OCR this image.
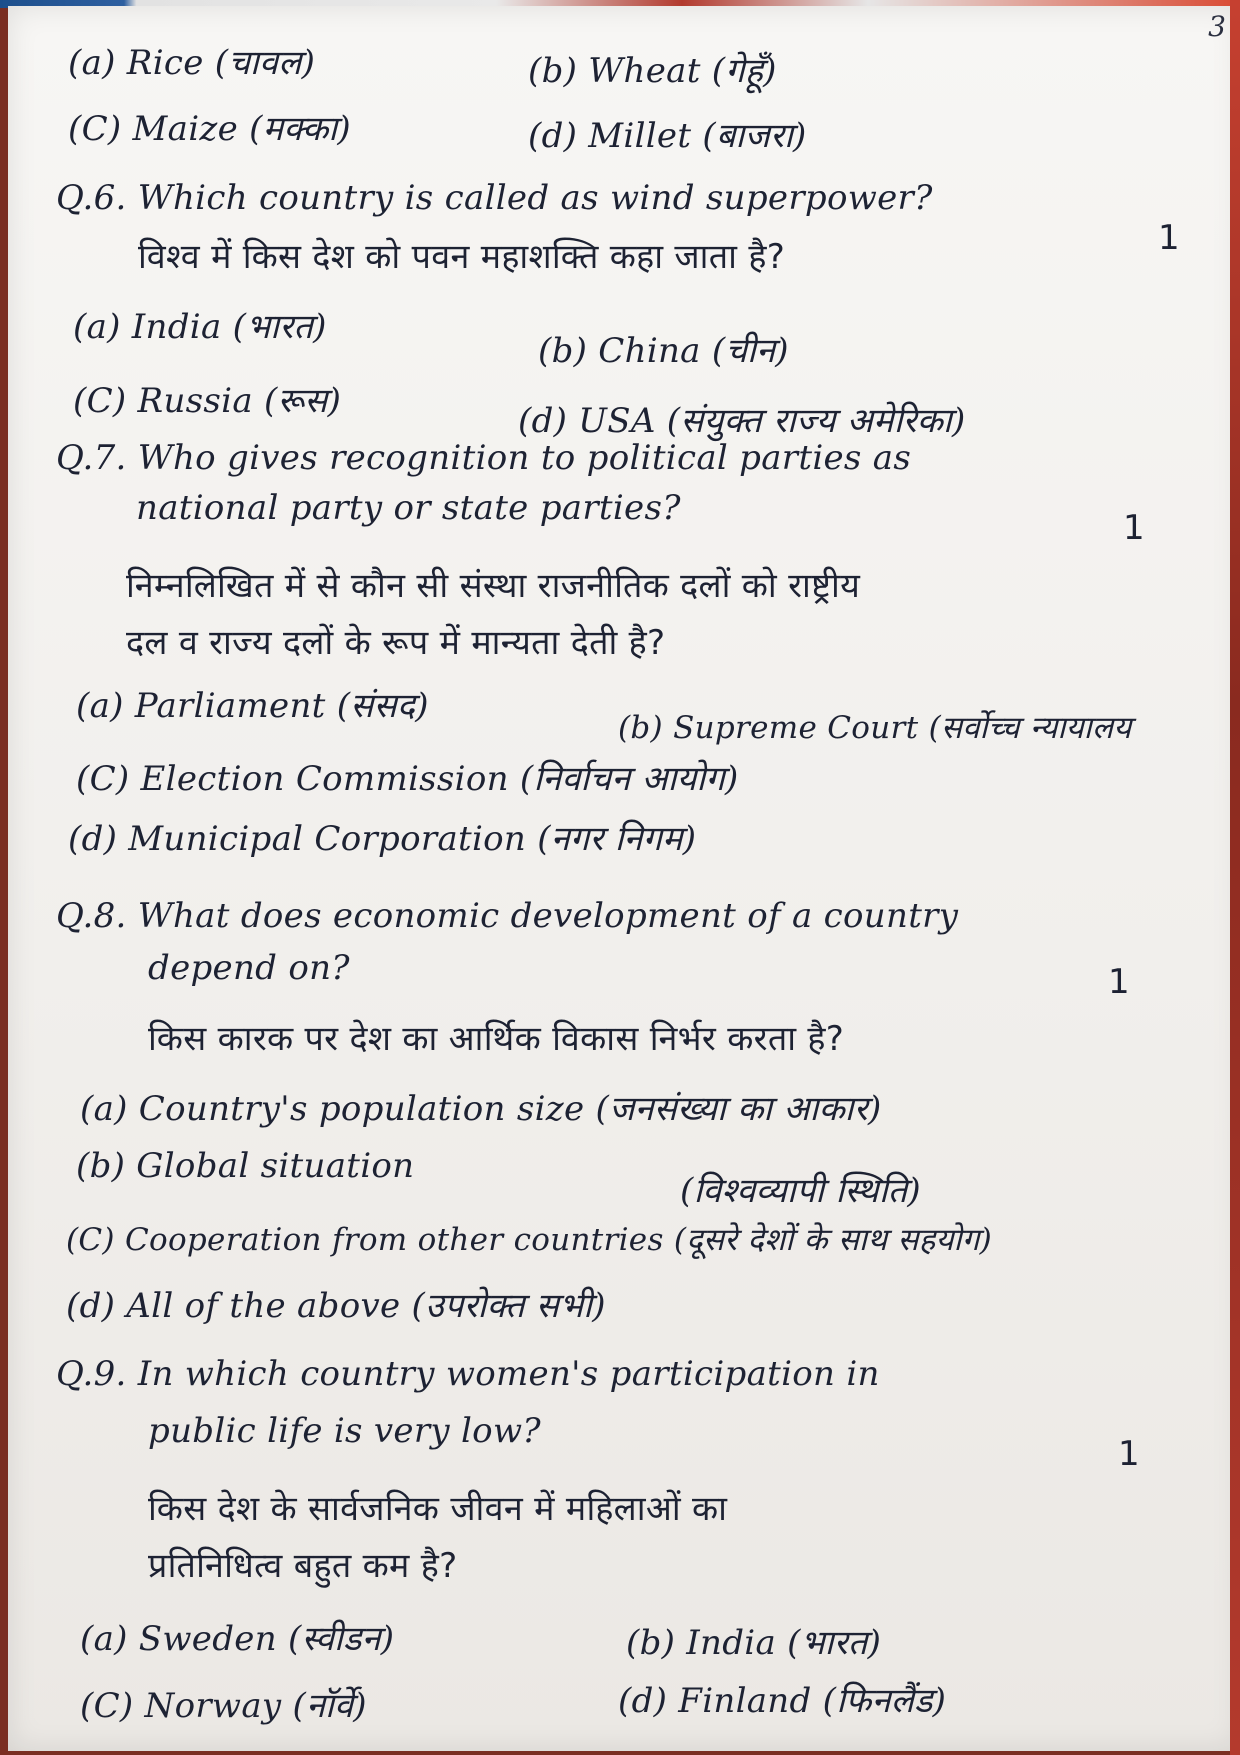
3
(a) Rice (चावल)	(b) Wheat (गेहूँ)
(C) Maize (मक्का)	(d) Millet (बाजरा)
Q.6. Which country is called as wind superpower?
1
विश्व में किस देश को पवन महाशक्ति कहा जाता है?
(a) India (भारत)
(b) China (चीन)
(C) Russia (रूस)	(d) USA (संयुक्त राज्य अमेरिका)
Q.7. Who gives recognition to political parties as
national party or state parties?	1
निम्नलिखित में से कौन सी संस्था राजनीतिक दलों को राष्ट्रीय
दल व राज्य दलों के रूप में मान्यता देती है?
(a) Parliament (संसद)
(b) Supreme Court (सर्वोच्च न्यायालय
(C) Election Commission (निर्वाचन आयोग)
(d) Municipal Corporation (नगर निगम)
Q.8. What does economic development of a country
depend on?	1
किस कारक पर देश का आर्थिक विकास निर्भर करता है?
(a) Country's population size (जनसंख्या का आकार)
(b) Global situation
(विश्वव्यापी स्थिति)
(C) Cooperation from other countries (दूसरे देशों के साथ सहयोग)
(d) All of the above (उपरोक्त सभी)
Q.9. In which country women's participation in
public life is very low?
1
किस देश के सार्वजनिक जीवन में महिलाओं का
प्रतिनिधित्व बहुत कम है?
(a) Sweden (स्वीडन)	(b) India (भारत)
(C) Norway (नॉर्वे)	(d) Finland (फिनलैंड)
